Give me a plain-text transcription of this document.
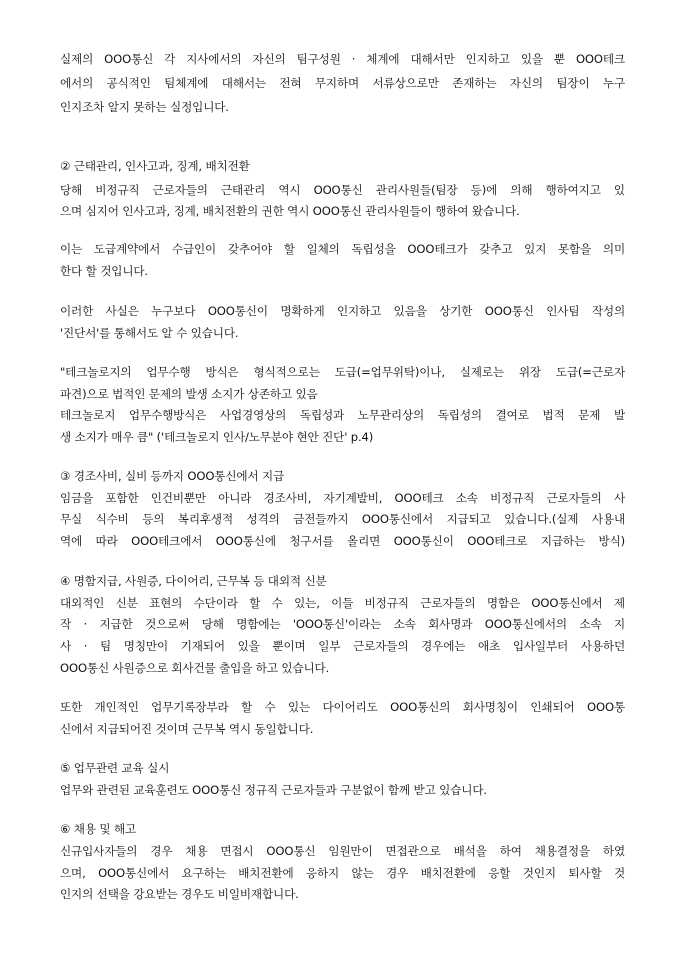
실제의 OOO통신 각 지사에서의 자신의 팀구성원 · 체계에 대해서만 인지하고 있을 뿐 OOO테크
에서의 공식적인 팀체계에 대해서는 전혀 무지하며 서류상으로만 존재하는 자신의 팀장이 누구
인지조차 알지 못하는 실정입니다.
② 근태관리, 인사고과, 징계, 배치전환
당해 비정규직 근로자들의 근태관리 역시 OOO통신 관리사원들(팀장 등)에 의해 행하여지고 있
으며 심지어 인사고과, 징계, 배치전환의 권한 역시 OOO통신 관리사원들이 행하여 왔습니다.
이는 도급계약에서 수급인이 갖추어야 할 일체의 독립성을 OOO테크가 갖추고 있지 못함을 의미
한다 할 것입니다.
이러한 사실은 누구보다 OOO통신이 명확하게 인지하고 있음을 상기한 OOO통신 인사팀 작성의
'진단서'를 통해서도 알 수 있습니다.
"테크놀로지의 업무수행 방식은 형식적으로는 도급(=업무위탁)이나, 실제로는 위장 도급(=근로자
파견)으로 법적인 문제의 발생 소지가 상존하고 있음
테크놀로지 업무수행방식은 사업경영상의 독립성과 노무관리상의 독립성의 결여로 법적 문제 발
생 소지가 매우 큼" ('테크놀로지 인사/노무분야 현안 진단' p.4)
③ 경조사비, 실비 등까지 OOO통신에서 지급
임금을 포함한 인건비뿐만 아니라 경조사비, 자기계발비, OOO테크 소속 비정규직 근로자들의 사
무실 식수비 등의 복리후생적 성격의 금전들까지 OOO통신에서 지급되고 있습니다.(실제 사용내
역에 따라 OOO테크에서 OOO통신에 청구서를 올리면 OOO통신이 OOO테크로 지급하는 방식)
④ 명함지급, 사원증, 다이어리, 근무복 등 대외적 신분
대외적인 신분 표현의 수단이라 할 수 있는, 이들 비정규직 근로자들의 명함은 OOO통신에서 제
작 · 지급한 것으로써 당해 명함에는 'OOO통신'이라는 소속 회사명과 OOO통신에서의 소속 지
사 · 팀 명칭만이 기재되어 있을 뿐이며 일부 근로자들의 경우에는 애초 입사일부터 사용하던
OOO통신 사원증으로 회사건물 출입을 하고 있습니다.
또한 개인적인 업무기록장부라 할 수 있는 다이어리도 OOO통신의 회사명칭이 인쇄되어 OOO통
신에서 지급되어진 것이며 근무복 역시 동일합니다.
⑤ 업무관련 교육 실시
업무와 관련된 교육훈련도 OOO통신 정규직 근로자들과 구분없이 함께 받고 있습니다.
⑥ 채용 및 해고
신규입사자들의 경우 채용 면접시 OOO통신 임원만이 면접관으로 배석을 하여 채용결정을 하였
으며, OOO통신에서 요구하는 배치전환에 응하지 않는 경우 배치전환에 응할 것인지 퇴사할 것
인지의 선택을 강요받는 경우도 비일비재합니다.
